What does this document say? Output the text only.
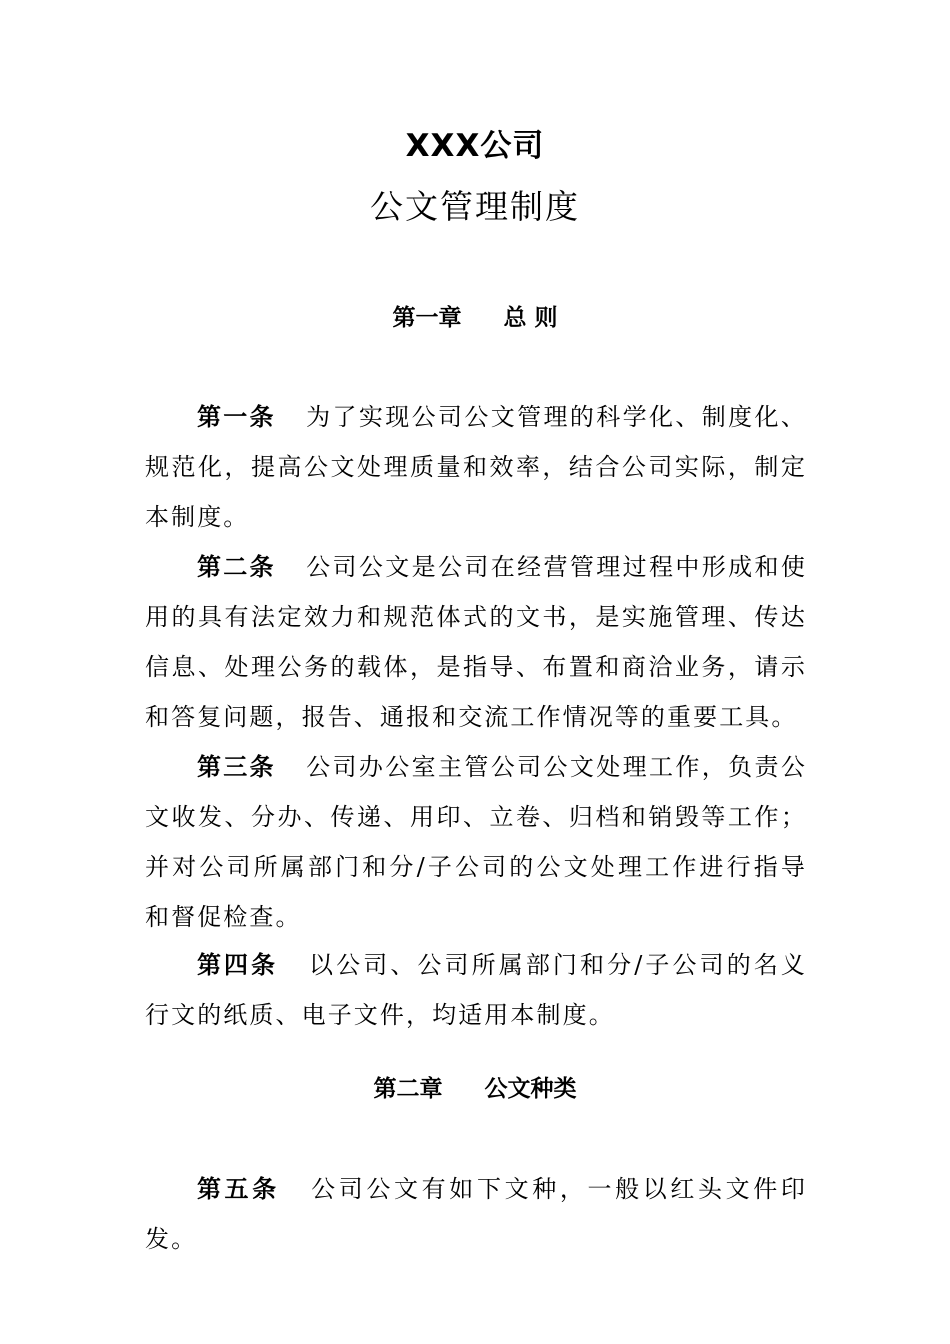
XXX公司
公文管理制度
第一章 总 则

第一条 为了实现公司公文管理的科学化、制度化、规范化，提高公文处理质量和效率，结合公司实际，制定本制度。

第二条 公司公文是公司在经营管理过程中形成和使用的具有法定效力和规范体式的文书，是实施管理、传达信息、处理公务的载体，是指导、布置和商洽业务，请示和答复问题，报告、通报和交流工作情况等的重要工具。

第三条 公司办公室主管公司公文处理工作，负责公文收发、分办、传递、用印、立卷、归档和销毁等工作；并对公司所属部门和分/子公司的公文处理工作进行指导和督促检查。

第四条 以公司、公司所属部门和分/子公司的名义行文的纸质、电子文件，均适用本制度。

第二章 公文种类

第五条 公司公文有如下文种，一般以红头文件印发。
